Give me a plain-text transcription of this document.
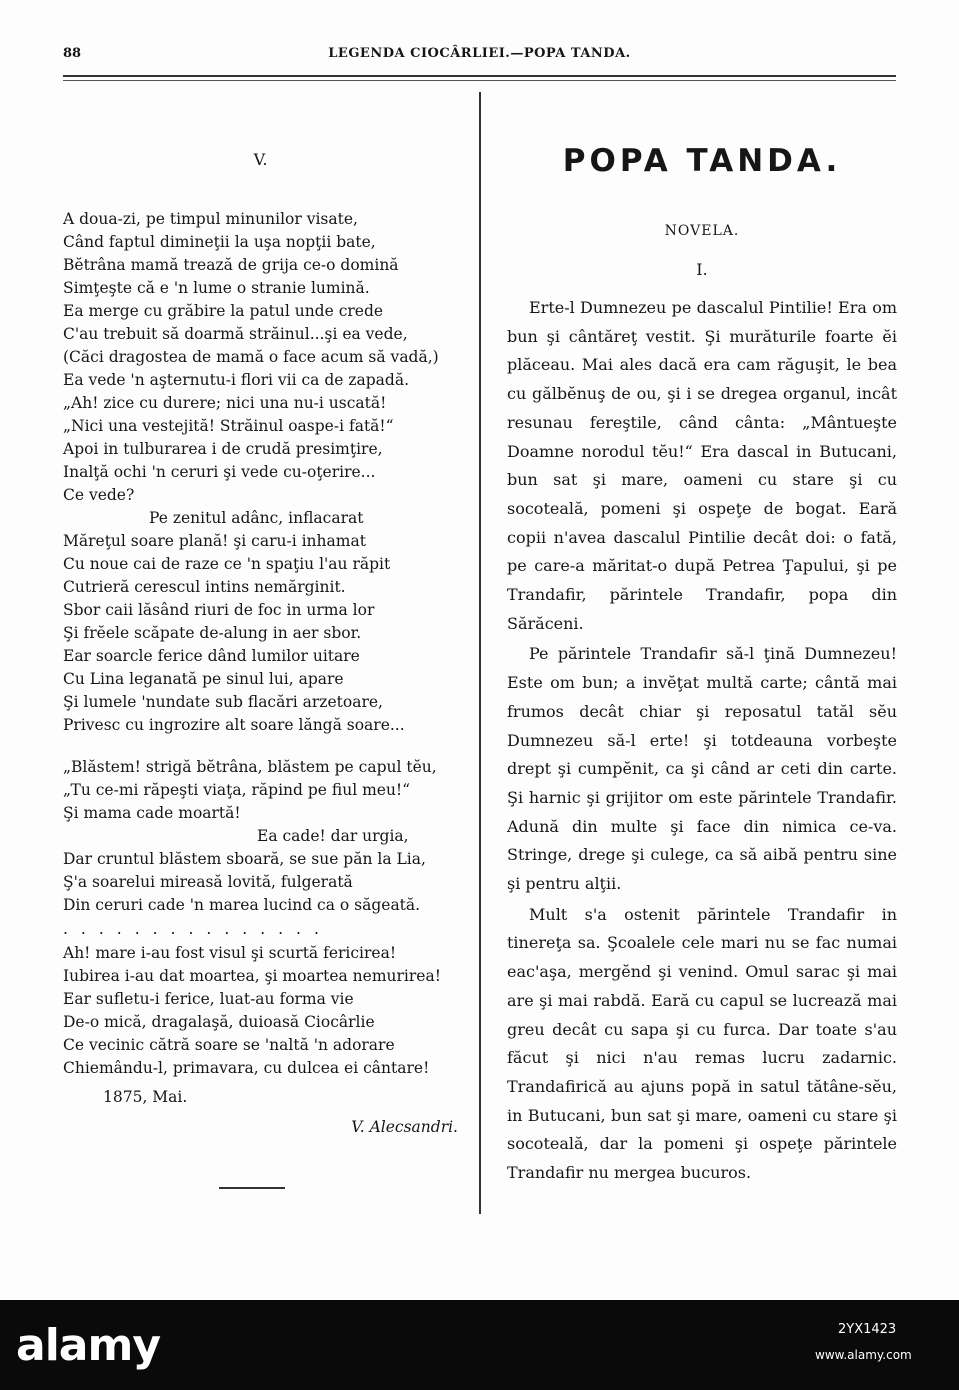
88	LEGENDA CIOCÂRLIEI.—POPA TANDA.
V.
A doua-zi, pe timpul minunilor visate,
Când faptul dimineţii la uşa nopţii bate,
Bĕtrâna mamă trează de grija ce-o domină
Simţeşte că e 'n lume o stranie lumină.
Ea merge cu grăbire la patul unde crede
C'au trebuit să doarmă străinul...şi ea vede,
(Căci dragostea de mamă o face acum să vadă,)
Ea vede 'n aşternutu-i flori vii ca de zapadă.
„Ah! zice cu durere; nici una nu-i uscată!
„Nici una vestejită! Străinul oaspe-i fată!“
Apoi in tulburarea i de crudă presimţire,
Inalţă ochi 'n ceruri şi vede cu-oţerire...
Ce vede?
Pe zenitul adânc, inflacarat
Măreţul soare plană! şi caru-i inhamat
Cu noue cai de raze ce 'n spaţiu l'au răpit
Cutrieră cerescul intins nemărginit.
Sbor caii lăsând riuri de foc in urma lor
Şi frĕele scăpate de-alung in aer sbor.
Ear soarcle ferice dând lumilor uitare
Cu Lina leganată pe sinul lui, apare
Şi lumele 'nundate sub flacări arzetoare,
Privesc cu ingrozire alt soare lăngă soare...
„Blăstem! strigă bĕtrâna, blăstem pe capul tĕu,
„Tu ce-mi răpeşti viaţa, răpind pe fiul meu!“
Şi mama cade moartă!
Ea cade! dar urgia,
Dar cruntul blăstem sboară, se sue păn la Lia,
Ş'a soarelui mireasă lovită, fulgerată
Din ceruri cade 'n marea lucind ca o săgeată.
...............
Ah! mare i-au fost visul şi scurtă fericirea!
Iubirea i-au dat moartea, şi moartea nemurirea!
Ear sufletu-i ferice, luat-au forma vie
De-o mică, dragalaşă, duioasă Ciocârlie
Ce vecinic cătră soare se 'naltă 'n adorare
Chiemându-l, primavara, cu dulcea ei cântare!
1875, Mai.
V. Alecsandri.
POPA TANDA.
NOVELA.
I.

Erte-l Dumnezeu pe dascalul Pintilie! Era om bun şi cântăreţ vestit. Şi murăturile foarte ĕi plăceau. Mai ales dacă era cam răguşit, le bea cu gălbĕnuş de ou, şi i se dregea organul, incât resunau fereştile, când cânta: „Mântueşte Doamne norodul tĕu!“ Era dascal in Butucani, bun sat şi mare, oameni cu stare şi cu socoteală, pomeni şi ospeţe de bogat. Eară copii n'avea dascalul Pintilie decât doi: o fată, pe care-a măritat-o după Petrea Ţapului, şi pe Trandafir, părintele Trandafir, popa din Sărăceni.

Pe părintele Trandafir să-l ţină Dumnezeu! Este om bun; a invĕţat multă carte; cântă mai frumos decât chiar şi reposatul tatăl sĕu Dumnezeu să-l erte! şi totdeauna vorbeşte drept şi cumpĕnit, ca şi când ar ceti din carte. Şi harnic şi grijitor om este părintele Trandafir. Adună din multe şi face din nimica ce-va. Stringe, drege şi culege, ca să aibă pentru sine şi pentru alţii.

Mult s'a ostenit părintele Trandafir in tinereţa sa. Şcoalele cele mari nu se fac numai eac'aşa, mergĕnd şi venind. Omul sarac şi mai are şi mai rabdă. Eară cu capul se lucrează mai greu decât cu sapa şi cu furca. Dar toate s'au făcut şi nici n'au remas lucru zadarnic. Trandafirică au ajuns popă in satul tătâne-sĕu, in Butucani, bun sat şi mare, oameni cu stare şi socoteală, dar la pomeni şi ospeţe părintele Trandafir nu mergea bucuros.

alamy	2YX1423
www.alamy.com
